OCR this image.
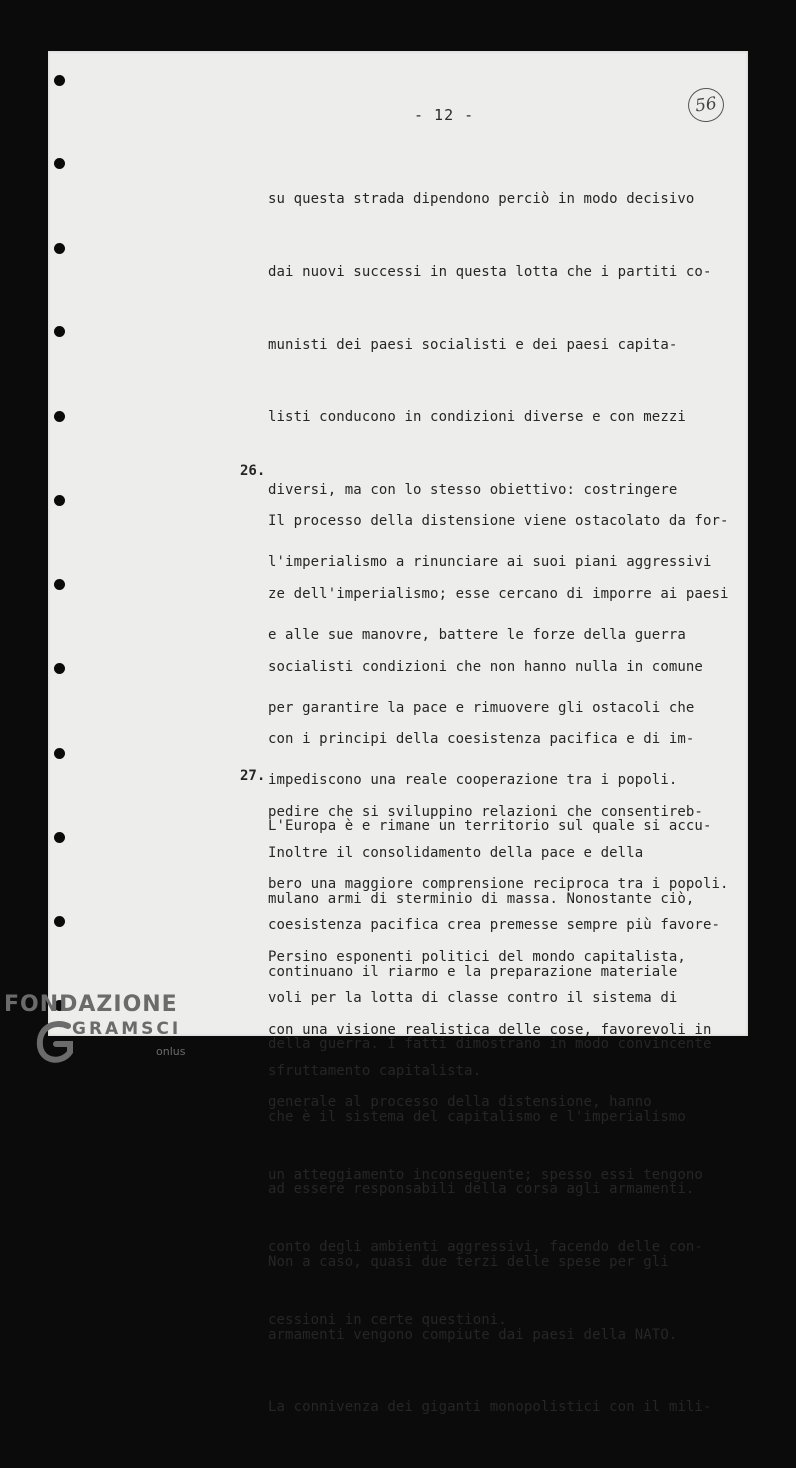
- 12 -	56

su questa strada dipendono perciò in modo decisivo

dai nuovi successi in questa lotta che i partiti co-

munisti dei paesi socialisti e dei paesi capita-

listi conducono in condizioni diverse e con mezzi

diversi, ma con lo stesso obiettivo: costringere

l'imperialismo a rinunciare ai suoi piani aggressivi

e alle sue manovre, battere le forze della guerra

per garantire la pace e rimuovere gli ostacoli che

impediscono una reale cooperazione tra i popoli.

Inoltre il consolidamento della pace e della

coesistenza pacifica crea premesse sempre più favore-

voli per la lotta di classe contro il sistema di

sfruttamento capitalista.

26.

Il processo della distensione viene ostacolato da for-

ze dell'imperialismo; esse cercano di imporre ai paesi

socialisti condizioni che non hanno nulla in comune

con i principi della coesistenza pacifica e di im-

pedire che si sviluppino relazioni che consentireb-

bero una maggiore comprensione reciproca tra i popoli.

Persino esponenti politici del mondo capitalista,

con una visione realistica delle cose, favorevoli in

generale al processo della distensione, hanno

un atteggiamento inconseguente; spesso essi tengono

conto degli ambienti aggressivi, facendo delle con-

cessioni in certe questioni.

27.

L'Europa è e rimane un territorio sul quale si accu-

mulano armi di sterminio di massa. Nonostante ciò,

continuano il riarmo e la preparazione materiale

della guerra. I fatti dimostrano in modo convincente

che è il sistema del capitalismo e l'imperialismo

ad essere responsabili della corsa agli armamenti.

Non a caso, quasi due terzi delle spese per gli

armamenti vengono compiute dai paesi della NATO.

La connivenza dei giganti monopolistici con il mili-

FONDAZIONE
GRAMSCI
onlus
